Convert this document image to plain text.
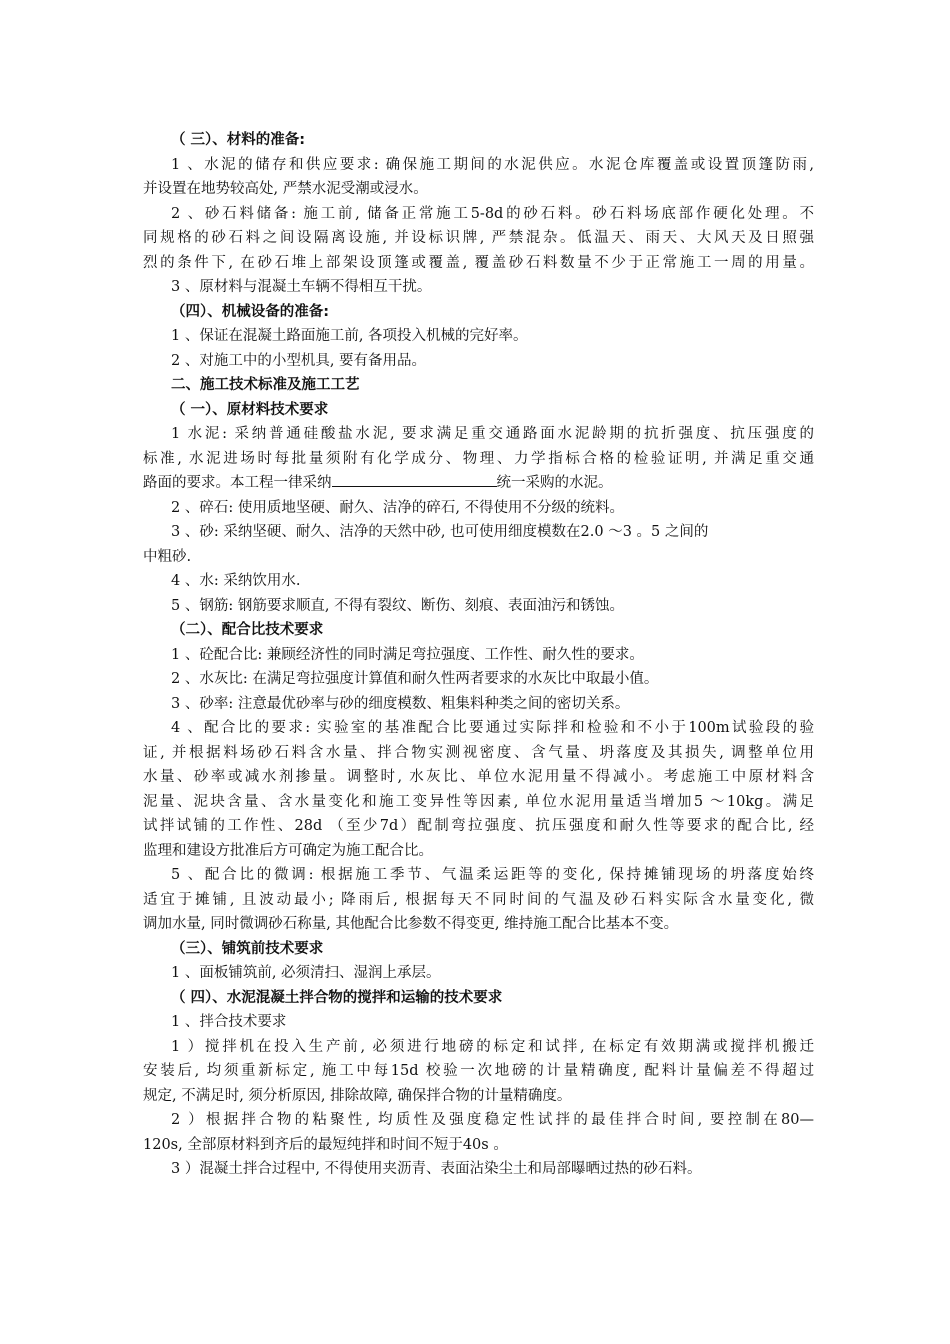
（ 三）、材料的准备:
1 、水泥的储存和供应要求: 确保施工期间的水泥供应。水泥仓库覆盖或设置顶篷防雨,
并设置在地势较高处, 严禁水泥受潮或浸水。
2 、砂石料储备: 施工前, 储备正常施工5-8d的砂石料。砂石料场底部作硬化处理。不
同规格的砂石料之间设隔离设施, 并设标识牌, 严禁混杂。低温天、雨天、大风天及日照强
烈的条件下, 在砂石堆上部架设顶篷或覆盖, 覆盖砂石料数量不少于正常施工一周的用量。
3 、原材料与混凝土车辆不得相互干扰。
（四）、机械设备的准备:
1 、保证在混凝土路面施工前, 各项投入机械的完好率。
2 、对施工中的小型机具, 要有备用品。
二、施工技术标准及施工工艺
（ 一）、原材料技术要求
1 水泥: 采纳普通硅酸盐水泥, 要求满足重交通路面水泥龄期的抗折强度、抗压强度的
标准, 水泥进场时每批量须附有化学成分、物理、力学指标合格的检验证明, 并满足重交通
路面的要求。本工程一律采纳	统一采购的水泥。
2 、碎石: 使用质地坚硬、耐久、洁净的碎石, 不得使用不分级的统料。
3 、砂: 采纳坚硬、耐久、洁净的天然中砂, 也可使用细度模数在2.0 ～3 。5 之间的
中粗砂.
4 、水: 采纳饮用水.
5 、钢筋: 钢筋要求顺直, 不得有裂纹、断伤、刻痕、表面油污和锈蚀。
（二）、配合比技术要求
1 、砼配合比: 兼顾经济性的同时满足弯拉强度、工作性、耐久性的要求。
2 、水灰比: 在满足弯拉强度计算值和耐久性两者要求的水灰比中取最小值。
3 、砂率: 注意最优砂率与砂的细度模数、粗集料种类之间的密切关系。
4 、配合比的要求: 实验室的基准配合比要通过实际拌和检验和不小于100m试验段的验
证, 并根据料场砂石料含水量、拌合物实测视密度、含气量、坍落度及其损失, 调整单位用
水量、砂率或减水剂掺量。调整时, 水灰比、单位水泥用量不得减小。考虑施工中原材料含
泥量、泥块含量、含水量变化和施工变异性等因素, 单位水泥用量适当增加5 ～10kg。满足
试拌试铺的工作性、28d （至少7d）配制弯拉强度、抗压强度和耐久性等要求的配合比, 经
监理和建设方批准后方可确定为施工配合比。
5 、配合比的微调: 根据施工季节、气温柔运距等的变化, 保持摊铺现场的坍落度始终
适宜于摊铺, 且波动最小; 降雨后, 根据每天不同时间的气温及砂石料实际含水量变化, 微
调加水量, 同时微调砂石称量, 其他配合比参数不得变更, 维持施工配合比基本不变。
（三）、铺筑前技术要求
1 、面板铺筑前, 必须清扫、湿润上承层。
（ 四）、水泥混凝土拌合物的搅拌和运输的技术要求
1 、拌合技术要求
1 ）搅拌机在投入生产前, 必须进行地磅的标定和试拌, 在标定有效期满或搅拌机搬迁
安装后, 均须重新标定, 施工中每15d 校验一次地磅的计量精确度, 配料计量偏差不得超过
规定, 不满足时, 须分析原因, 排除故障, 确保拌合物的计量精确度。
2 ）根据拌合物的粘聚性, 均质性及强度稳定性试拌的最佳拌合时间, 要控制在80—
120s, 全部原材料到齐后的最短纯拌和时间不短于40s 。
3 ）混凝土拌合过程中, 不得使用夹沥青、表面沾染尘土和局部曝晒过热的砂石料。
